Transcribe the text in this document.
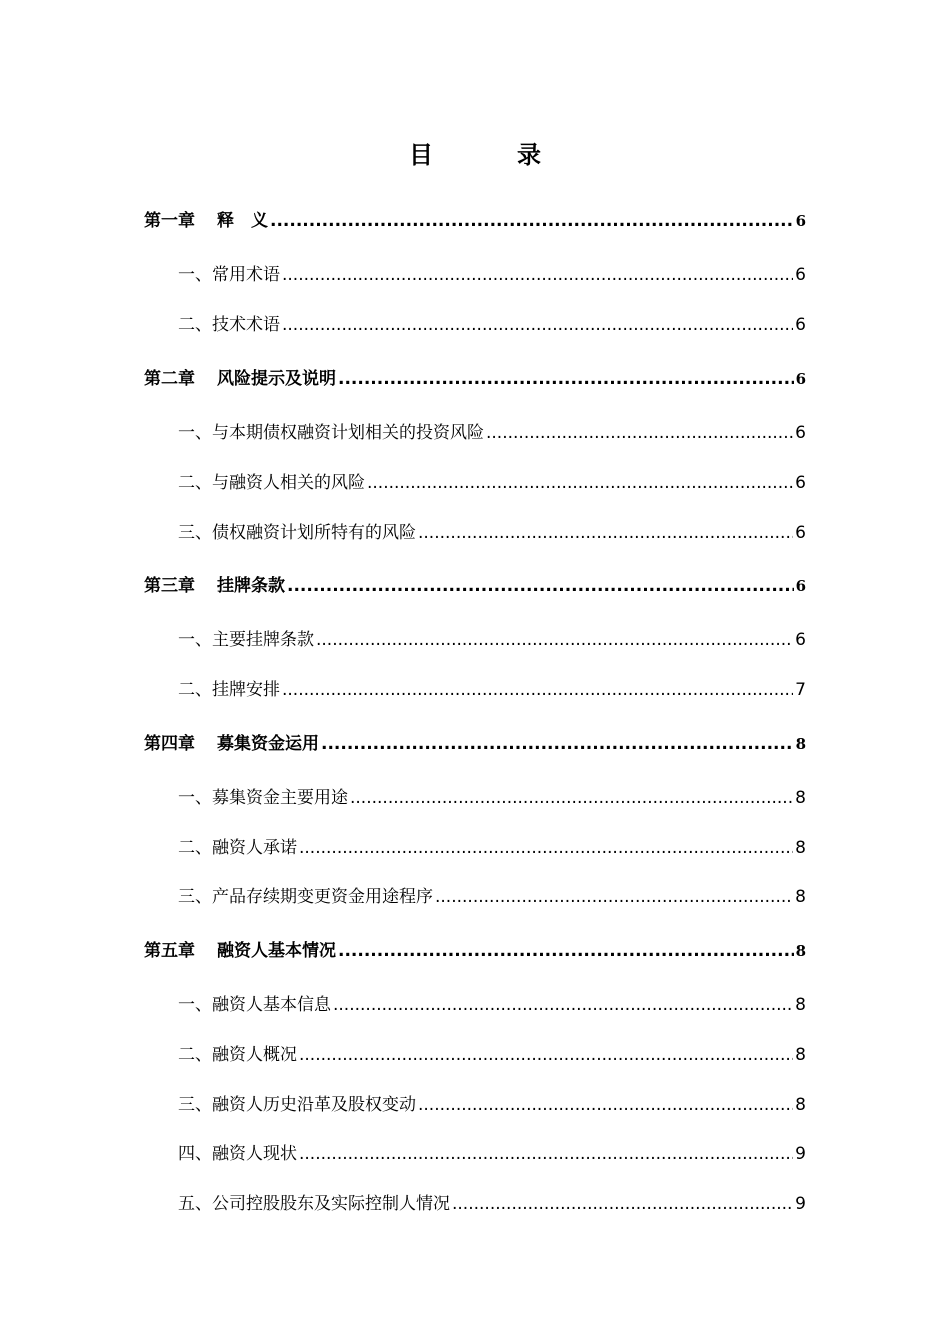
目　录
第一章 释　义 .....	6
一、常用术语 .....	6
二、技术术语 .....	6
第二章 风险提示及说明 .....	6
一、与本期债权融资计划相关的投资风险 .....	6
二、与融资人相关的风险 .....	6
三、债权融资计划所特有的风险 .....	6
第三章 挂牌条款 .....	6
一、主要挂牌条款 .....	6
二、挂牌安排 .....	7
第四章 募集资金运用 .....	8
一、募集资金主要用途 .....	8
二、融资人承诺 .....	8
三、产品存续期变更资金用途程序 .....	8
第五章 融资人基本情况 .....	8
一、融资人基本信息 .....	8
二、融资人概况 .....	8
三、融资人历史沿革及股权变动 .....	8
四、融资人现状 .....	9
五、公司控股股东及实际控制人情况 .....	9
